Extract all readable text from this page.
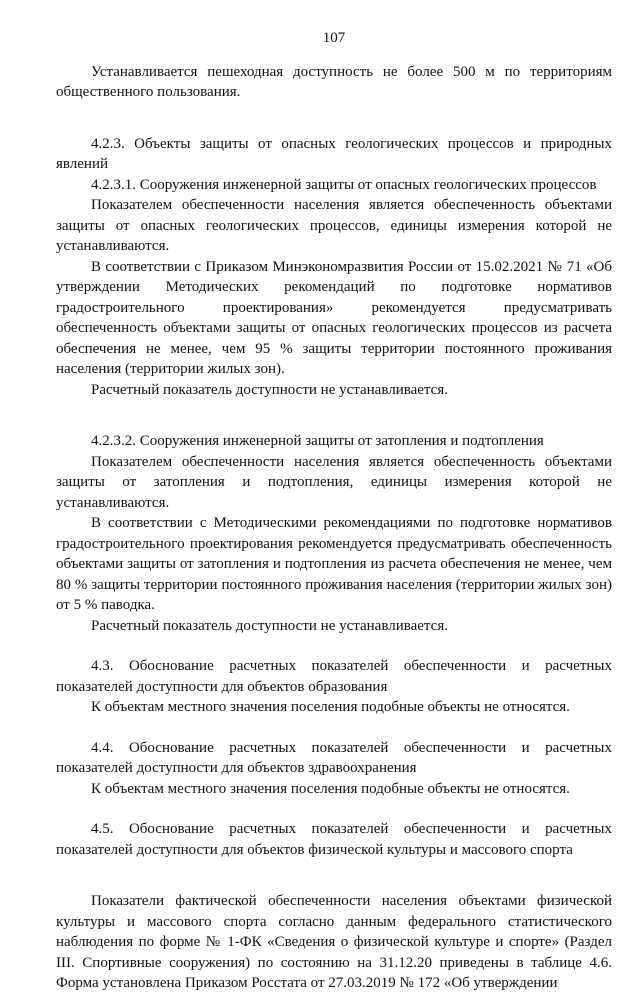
107

Устанавливается пешеходная доступность не более 500 м по территориям общественного пользования.

4.2.3. Объекты защиты от опасных геологических процессов и природных явлений

4.2.3.1. Сооружения инженерной защиты от опасных геологических процессов

Показателем обеспеченности населения является обеспеченность объектами защиты от опасных геологических процессов, единицы измерения которой не устанавливаются.

В соответствии с Приказом Минэкономразвития России от 15.02.2021 № 71 «Об утверждении Методических рекомендаций по подготовке нормативов градостроительного проектирования» рекомендуется предусматривать обеспеченность объектами защиты от опасных геологических процессов из расчета обеспечения не менее, чем 95 % защиты территории постоянного проживания населения (территории жилых зон).

Расчетный показатель доступности не устанавливается.

4.2.3.2. Сооружения инженерной защиты от затопления и подтопления

Показателем обеспеченности населения является обеспеченность объектами защиты от затопления и подтопления, единицы измерения которой не устанавливаются.

В соответствии с Методическими рекомендациями по подготовке нормативов градостроительного проектирования рекомендуется предусматривать обеспеченность объектами защиты от затопления и подтопления из расчета обеспечения не менее, чем 80 % защиты территории постоянного проживания населения (территории жилых зон) от 5 % паводка.

Расчетный показатель доступности не устанавливается.

4.3. Обоснование расчетных показателей обеспеченности и расчетных показателей доступности для объектов образования

К объектам местного значения поселения подобные объекты не относятся.

4.4. Обоснование расчетных показателей обеспеченности и расчетных показателей доступности для объектов здравоохранения

К объектам местного значения поселения подобные объекты не относятся.

4.5. Обоснование расчетных показателей обеспеченности и расчетных показателей доступности для объектов физической культуры и массового спорта

Показатели фактической обеспеченности населения объектами физической культуры и массового спорта согласно данным федерального статистического наблюдения по форме № 1-ФК «Сведения о физической культуре и спорте» (Раздел III. Спортивные сооружения) по состоянию на 31.12.20 приведены в таблице 4.6. Форма установлена Приказом Росстата от 27.03.2019 № 172 «Об утверждении
